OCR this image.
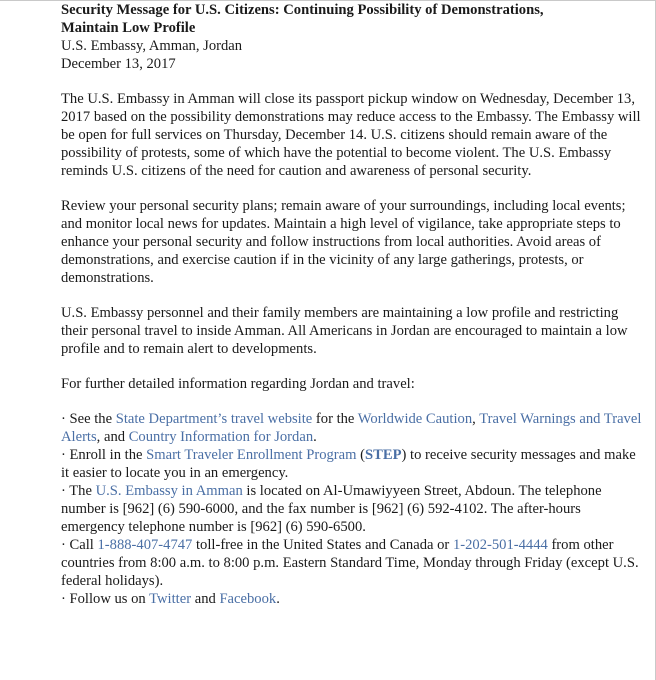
Security Message for U.S. Citizens: Continuing Possibility of Demonstrations,
Maintain Low Profile
U.S. Embassy, Amman, Jordan
December 13, 2017

The U.S. Embassy in Amman will close its passport pickup window on Wednesday, December 13, 2017 based on the possibility demonstrations may reduce access to the Embassy. The Embassy will be open for full services on Thursday, December 14. U.S. citizens should remain aware of the possibility of protests, some of which have the potential to become violent. The U.S. Embassy reminds U.S. citizens of the need for caution and awareness of personal security.

Review your personal security plans; remain aware of your surroundings, including local events; and monitor local news for updates. Maintain a high level of vigilance, take appropriate steps to enhance your personal security and follow instructions from local authorities. Avoid areas of demonstrations, and exercise caution if in the vicinity of any large gatherings, protests, or demonstrations.

U.S. Embassy personnel and their family members are maintaining a low profile and restricting their personal travel to inside Amman. All Americans in Jordan are encouraged to maintain a low profile and to remain alert to developments.

For further detailed information regarding Jordan and travel:

· See the State Department’s travel website for the Worldwide Caution, Travel Warnings and Travel Alerts, and Country Information for Jordan.

· Enroll in the Smart Traveler Enrollment Program (STEP) to receive security messages and make it easier to locate you in an emergency.

· The U.S. Embassy in Amman is located on Al-Umawiyyeen Street, Abdoun. The telephone number is [962] (6) 590-6000, and the fax number is [962] (6) 592-4102. The after-hours emergency telephone number is [962] (6) 590-6500.

· Call 1-888-407-4747 toll-free in the United States and Canada or 1-202-501-4444 from other countries from 8:00 a.m. to 8:00 p.m. Eastern Standard Time, Monday through Friday (except U.S. federal holidays).

· Follow us on Twitter and Facebook.
